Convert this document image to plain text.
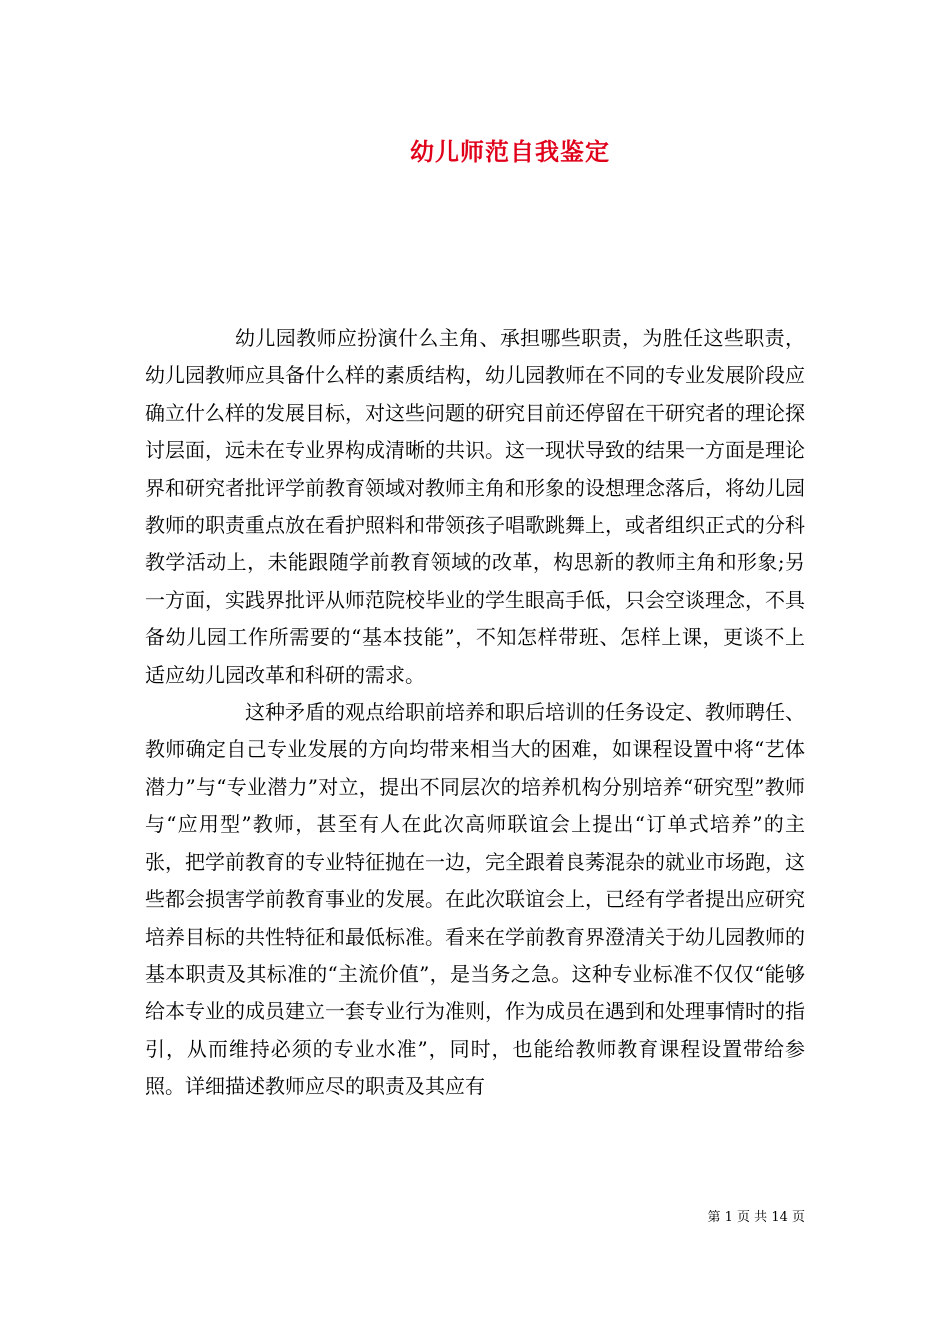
幼儿师范自我鉴定

幼儿园教师应扮演什么主角、承担哪些职责，为胜任这些职责，幼儿园教师应具备什么样的素质结构，幼儿园教师在不同的专业发展阶段应确立什么样的发展目标，对这些问题的研究目前还停留在干研究者的理论探讨层面，远未在专业界构成清晰的共识。这一现状导致的结果一方面是理论界和研究者批评学前教育领域对教师主角和形象的设想理念落后，将幼儿园教师的职责重点放在看护照料和带领孩子唱歌跳舞上，或者组织正式的分科教学活动上，未能跟随学前教育领域的改革，构思新的教师主角和形象;另一方面，实践界批评从师范院校毕业的学生眼高手低，只会空谈理念，不具备幼儿园工作所需要的“基本技能”，不知怎样带班、怎样上课，更谈不上适应幼儿园改革和科研的需求。

这种矛盾的观点给职前培养和职后培训的任务设定、教师聘任、教师确定自己专业发展的方向均带来相当大的困难，如课程设置中将“艺体潜力”与“专业潜力”对立，提出不同层次的培养机构分别培养“研究型”教师与“应用型”教师，甚至有人在此次高师联谊会上提出“订单式培养”的主张，把学前教育的专业特征抛在一边，完全跟着良莠混杂的就业市场跑，这些都会损害学前教育事业的发展。在此次联谊会上，已经有学者提出应研究培养目标的共性特征和最低标准。看来在学前教育界澄清关于幼儿园教师的基本职责及其标准的“主流价值”，是当务之急。这种专业标准不仅仅“能够给本专业的成员建立一套专业行为准则，作为成员在遇到和处理事情时的指引，从而维持必须的专业水准”，同时，也能给教师教育课程设置带给参照。详细描述教师应尽的职责及其应有

第 1 页 共 14 页
